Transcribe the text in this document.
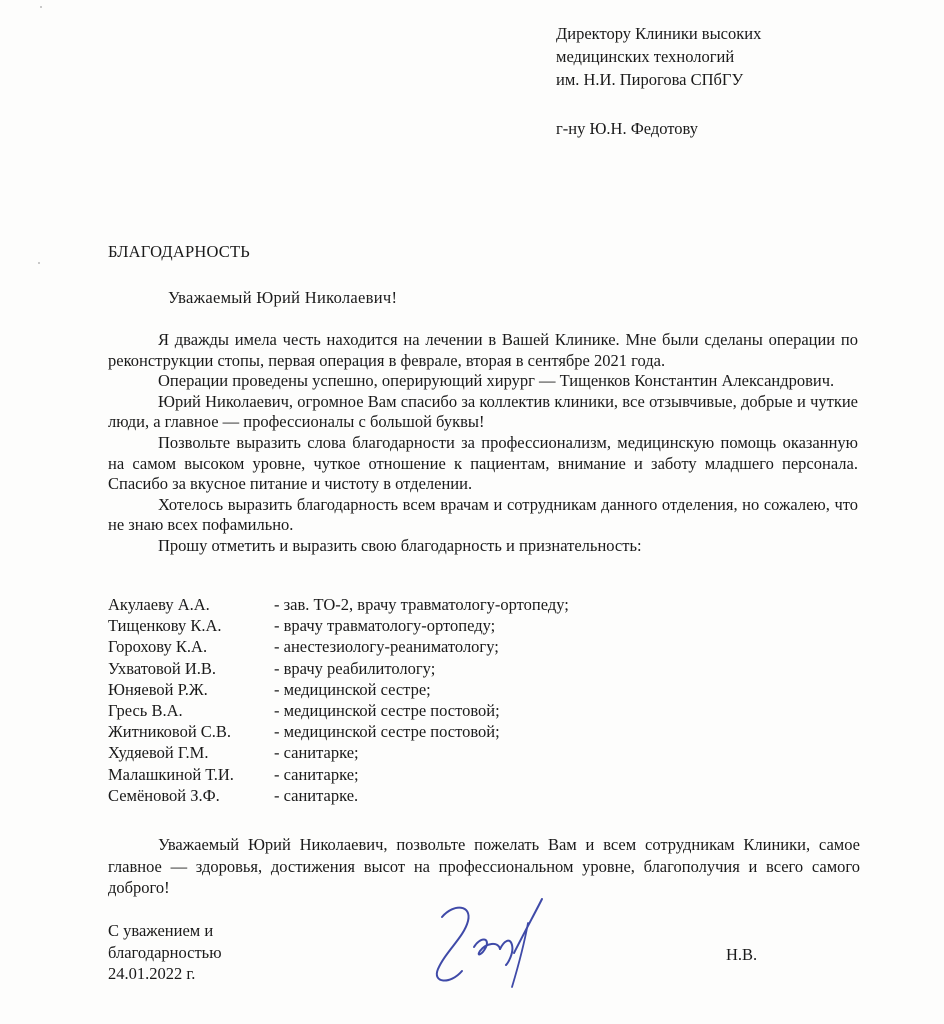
Директору Клиники высоких
медицинских технологий
им. Н.И. Пирогова СПбГУ
г-ну Ю.Н. Федотову
БЛАГОДАРНОСТЬ
Уважаемый Юрий Николаевич!

Я дважды имела честь находится на лечении в Вашей Клинике. Мне были сделаны операции по реконструкции стопы, первая операция в феврале, вторая в сентябре 2021 года.

Операции проведены успешно, оперирующий хирург — Тищенков Константин Александрович.

Юрий Николаевич, огромное Вам спасибо за коллектив клиники, все отзывчивые, добрые и чуткие люди, а главное — профессионалы с большой буквы!

Позвольте выразить слова благодарности за профессионализм, медицинскую помощь оказанную на самом высоком уровне, чуткое отношение к пациентам, внимание и заботу младшего персонала. Спасибо за вкусное питание и чистоту в отделении.

Хотелось выразить благодарность всем врачам и сотрудникам данного отделения, но сожалею, что не знаю всех пофамильно.

Прошу отметить и выразить свою благодарность и признательность:

Акулаеву А.А.	- зав. ТО-2, врачу травматологу-ортопеду;
Тищенкову К.А.	- врачу травматологу-ортопеду;
Горохову К.А.	- анестезиологу-реаниматологу;
Ухватовой И.В.	- врачу реабилитологу;
Юняевой Р.Ж.	- медицинской сестре;
Гресь В.А.	- медицинской сестре постовой;
Житниковой С.В.	- медицинской сестре постовой;
Худяевой Г.М.	- санитарке;
Малашкиной Т.И.	- санитарке;
Семёновой З.Ф.	- санитарке.

Уважаемый Юрий Николаевич, позвольте пожелать Вам и всем сотрудникам Клиники, самое главное — здоровья, достижения высот на профессиональном уровне, благополучия и всего самого доброго!

С уважением и
благодарностью
24.01.2022 г.
Н.В.
